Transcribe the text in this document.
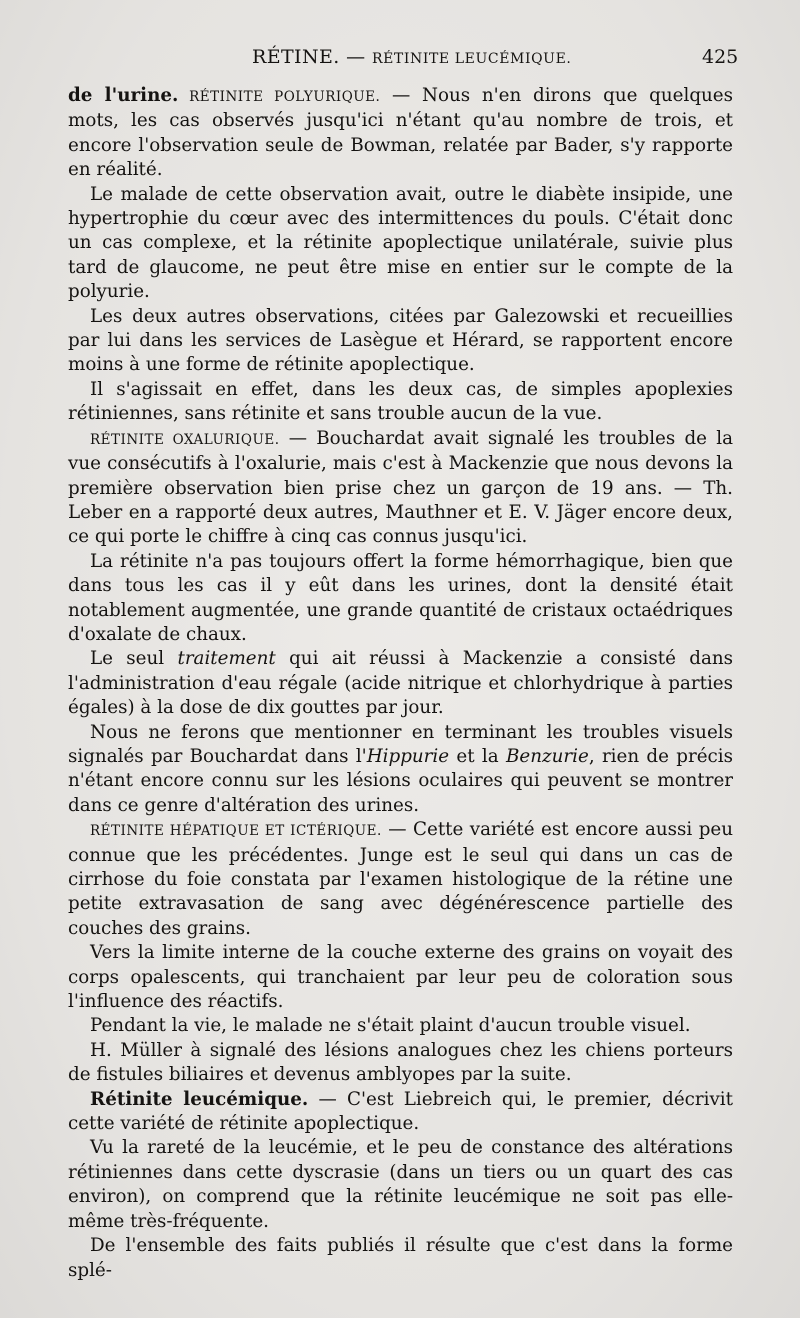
RÉTINE. — RÉTINITE LEUCÉMIQUE.	425

de l'urine. RÉTINITE POLYURIQUE. — Nous n'en dirons que quelques mots, les cas observés jusqu'ici n'étant qu'au nombre de trois, et encore l'observation seule de Bowman, relatée par Bader, s'y rapporte en réalité.

Le malade de cette observation avait, outre le diabète insipide, une hypertrophie du cœur avec des intermittences du pouls. C'était donc un cas complexe, et la rétinite apoplectique unilatérale, suivie plus tard de glaucome, ne peut être mise en entier sur le compte de la polyurie.

Les deux autres observations, citées par Galezowski et recueillies par lui dans les services de Lasègue et Hérard, se rapportent encore moins à une forme de rétinite apoplectique.

Il s'agissait en effet, dans les deux cas, de simples apoplexies rétiniennes, sans rétinite et sans trouble aucun de la vue.

RÉTINITE OXALURIQUE. — Bouchardat avait signalé les troubles de la vue consécutifs à l'oxalurie, mais c'est à Mackenzie que nous devons la première observation bien prise chez un garçon de 19 ans. — Th. Leber en a rapporté deux autres, Mauthner et E. V. Jäger encore deux, ce qui porte le chiffre à cinq cas connus jusqu'ici.

La rétinite n'a pas toujours offert la forme hémorrhagique, bien que dans tous les cas il y eût dans les urines, dont la densité était notablement augmentée, une grande quantité de cristaux octaédriques d'oxalate de chaux.

Le seul traitement qui ait réussi à Mackenzie a consisté dans l'administration d'eau régale (acide nitrique et chlorhydrique à parties égales) à la dose de dix gouttes par jour.

Nous ne ferons que mentionner en terminant les troubles visuels signalés par Bouchardat dans l'Hippurie et la Benzurie, rien de précis n'étant encore connu sur les lésions oculaires qui peuvent se montrer dans ce genre d'altération des urines.

RÉTINITE HÉPATIQUE ET ICTÉRIQUE. — Cette variété est encore aussi peu connue que les précédentes. Junge est le seul qui dans un cas de cirrhose du foie constata par l'examen histologique de la rétine une petite extravasation de sang avec dégénérescence partielle des couches des grains.

Vers la limite interne de la couche externe des grains on voyait des corps opalescents, qui tranchaient par leur peu de coloration sous l'influence des réactifs.

Pendant la vie, le malade ne s'était plaint d'aucun trouble visuel.

H. Müller à signalé des lésions analogues chez les chiens porteurs de fistules biliaires et devenus amblyopes par la suite.

Rétinite leucémique. — C'est Liebreich qui, le premier, décrivit cette variété de rétinite apoplectique.

Vu la rareté de la leucémie, et le peu de constance des altérations rétiniennes dans cette dyscrasie (dans un tiers ou un quart des cas environ), on comprend que la rétinite leucémique ne soit pas elle-même très-fréquente.

De l'ensemble des faits publiés il résulte que c'est dans la forme splé-
